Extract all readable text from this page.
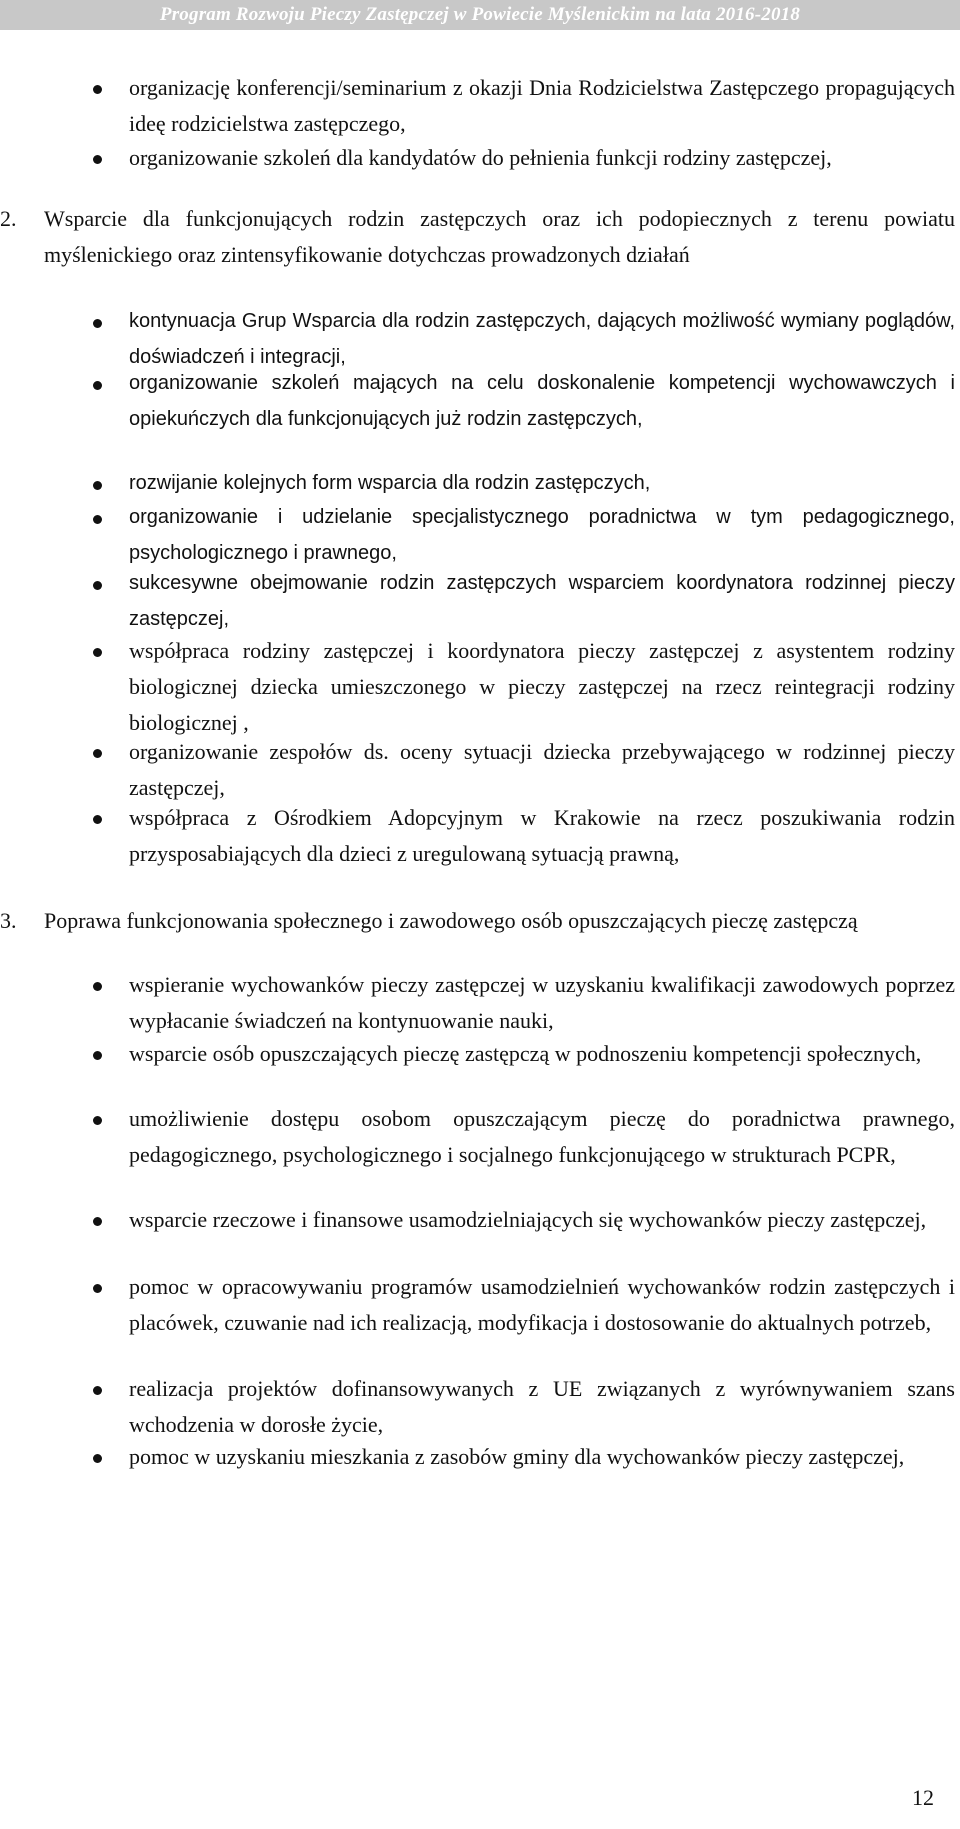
Program Rozwoju Pieczy Zastępczej w Powiecie Myślenickim na lata 2016-2018
organizację konferencji/seminarium z okazji Dnia Rodzicielstwa Zastępczego propagujących ideę rodzicielstwa zastępczego,
organizowanie szkoleń dla kandydatów do pełnienia funkcji rodziny zastępczej,
2. Wsparcie dla funkcjonujących rodzin zastępczych oraz ich podopiecznych z terenu powiatu myślenickiego oraz zintensyfikowanie dotychczas prowadzonych działań
kontynuacja Grup Wsparcia dla rodzin zastępczych, dających możliwość wymiany poglądów, doświadczeń i integracji,
organizowanie szkoleń mających na celu doskonalenie kompetencji wychowawczych i opiekuńczych dla funkcjonujących już rodzin zastępczych,
rozwijanie kolejnych form wsparcia dla rodzin zastępczych,
organizowanie i udzielanie specjalistycznego poradnictwa w tym pedagogicznego, psychologicznego i prawnego,
sukcesywne obejmowanie rodzin zastępczych wsparciem koordynatora rodzinnej pieczy zastępczej,
współpraca rodziny zastępczej i koordynatora pieczy zastępczej z asystentem rodziny biologicznej dziecka umieszczonego w pieczy zastępczej na rzecz reintegracji rodziny biologicznej ,
organizowanie zespołów ds. oceny sytuacji dziecka przebywającego w rodzinnej pieczy zastępczej,
współpraca z Ośrodkiem Adopcyjnym w Krakowie na rzecz poszukiwania rodzin przysposabiających dla dzieci z uregulowaną sytuacją prawną,
3. Poprawa funkcjonowania społecznego i zawodowego osób opuszczających pieczę zastępczą
wspieranie wychowanków pieczy zastępczej w uzyskaniu kwalifikacji zawodowych poprzez wypłacanie świadczeń na kontynuowanie nauki,
wsparcie osób opuszczających pieczę zastępczą w podnoszeniu kompetencji społecznych,
umożliwienie dostępu osobom opuszczającym pieczę do poradnictwa prawnego, pedagogicznego, psychologicznego i socjalnego funkcjonującego w strukturach PCPR,
wsparcie rzeczowe i finansowe usamodzielniających się wychowanków pieczy zastępczej,
pomoc w opracowywaniu programów usamodzielnień wychowanków rodzin zastępczych i placówek, czuwanie nad ich realizacją, modyfikacja i dostosowanie do aktualnych potrzeb,
realizacja projektów dofinansowywanych z UE związanych z wyrównywaniem szans wchodzenia w dorosłe życie,
pomoc w uzyskaniu mieszkania z zasobów gminy dla wychowanków pieczy zastępczej,
12
